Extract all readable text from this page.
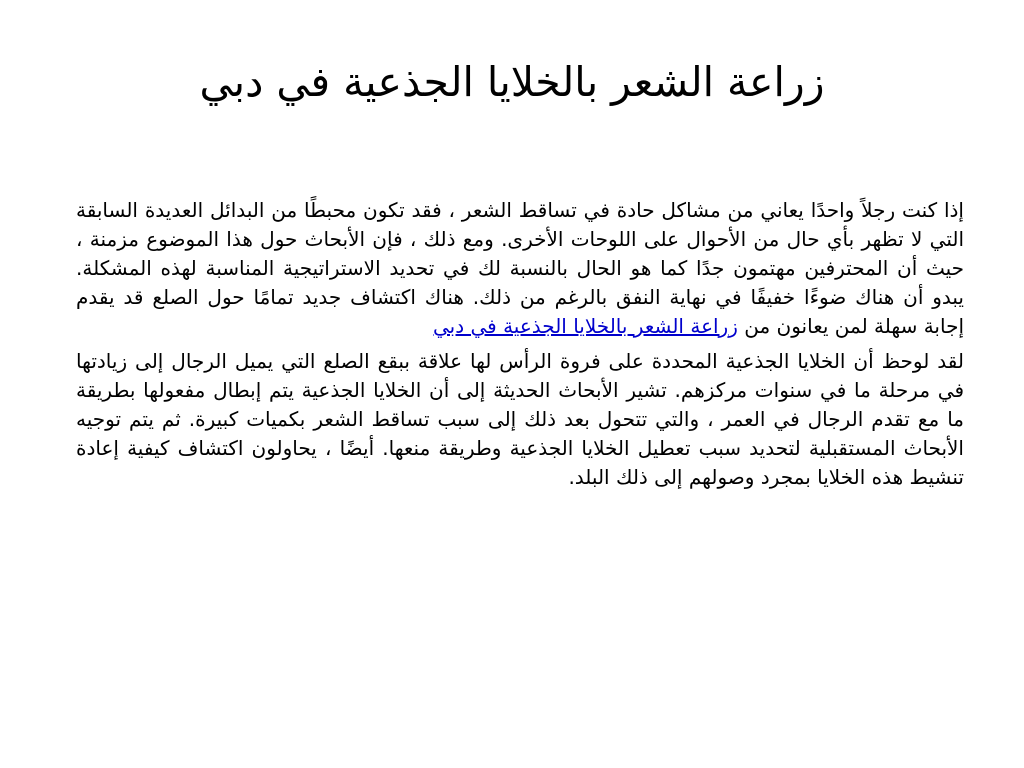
زراعة الشعر بالخلايا الجذعية في دبي

إذا كنت رجلاً واحدًا يعاني من مشاكل حادة في تساقط الشعر ، فقد تكون محبطًا من البدائل العديدة السابقة التي لا تظهر بأي حال من الأحوال على اللوحات الأخرى. ومع ذلك ، فإن الأبحاث حول هذا الموضوع مزمنة ، حيث أن المحترفين مهتمون جدًا كما هو الحال بالنسبة لك في تحديد الاستراتيجية المناسبة لهذه المشكلة. يبدو أن هناك ضوءًا خفيفًا في نهاية النفق بالرغم من ذلك. هناك اكتشاف جديد تمامًا حول الصلع قد يقدم إجابة سهلة لمن يعانون من زراعة الشعر بالخلايا الجذعية في دبي

لقد لوحظ أن الخلايا الجذعية المحددة على فروة الرأس لها علاقة ببقع الصلع التي يميل الرجال إلى زيادتها في مرحلة ما في سنوات مركزهم. تشير الأبحاث الحديثة إلى أن الخلايا الجذعية يتم إبطال مفعولها بطريقة ما مع تقدم الرجال في العمر ، والتي تتحول بعد ذلك إلى سبب تساقط الشعر بكميات كبيرة. ثم يتم توجيه الأبحاث المستقبلية لتحديد سبب تعطيل الخلايا الجذعية وطريقة منعها. أيضًا ، يحاولون اكتشاف كيفية إعادة تنشيط هذه الخلايا بمجرد وصولهم إلى ذلك البلد.
